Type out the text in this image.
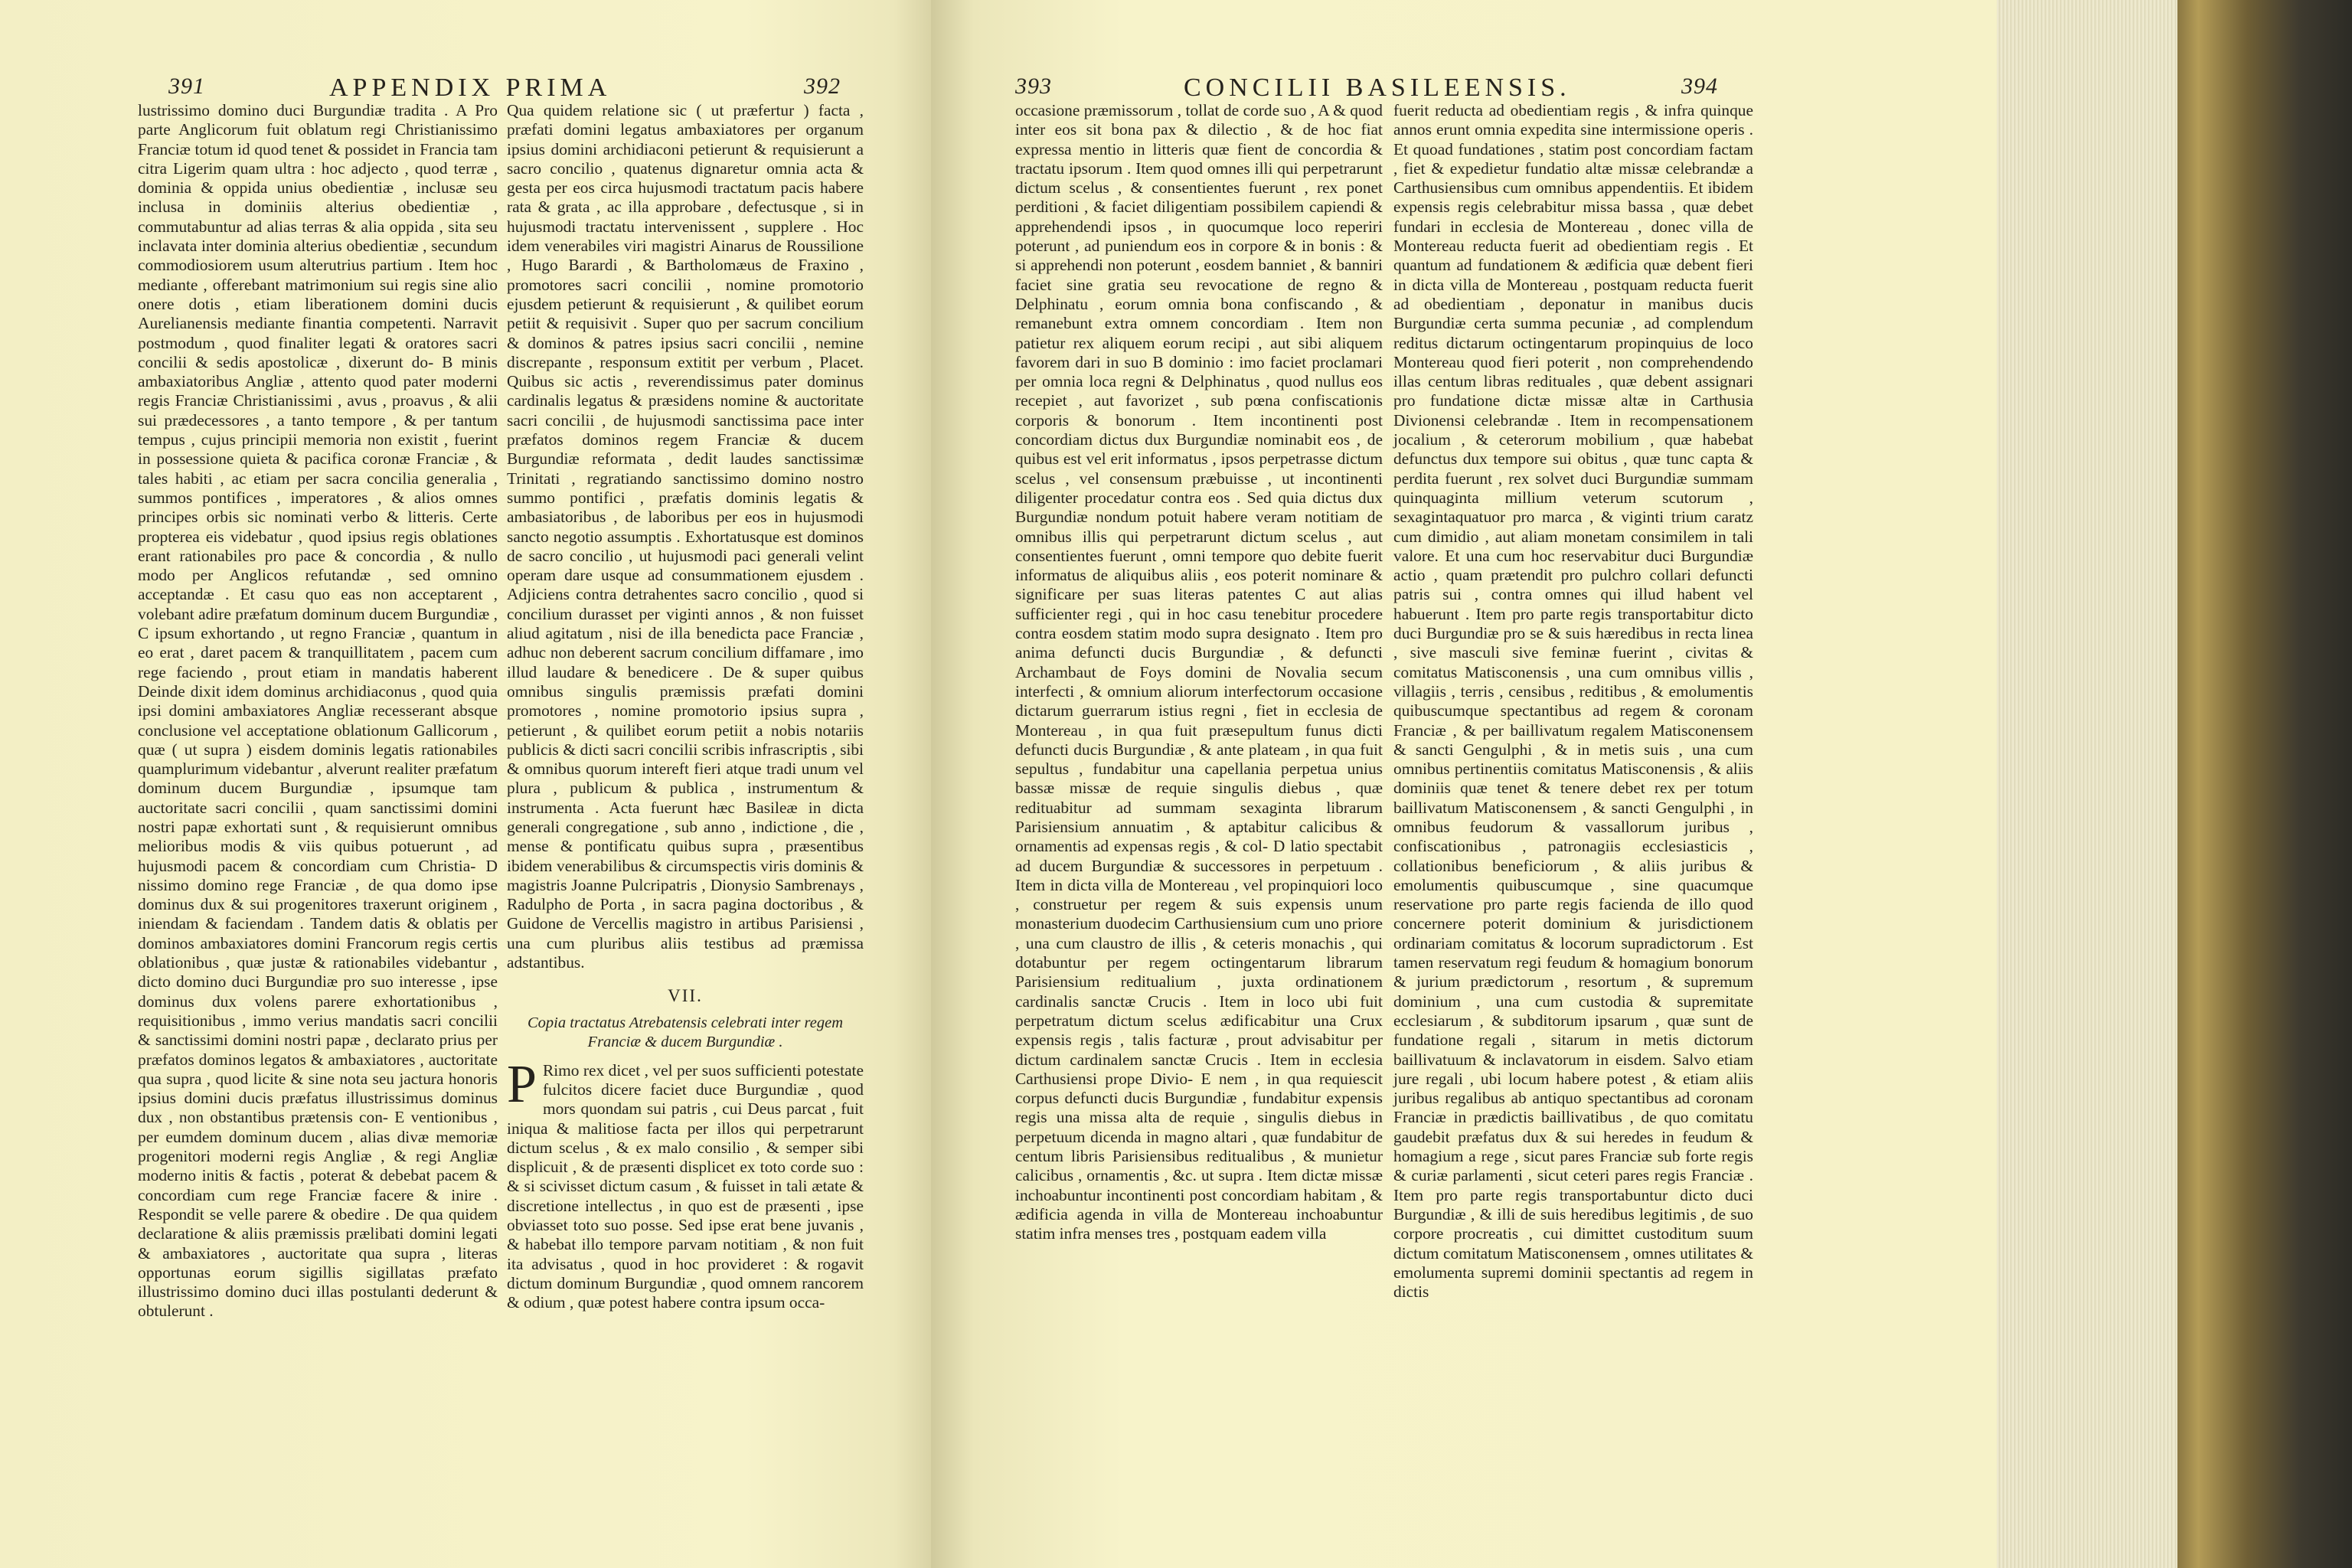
391	APPENDIX PRIMA	392

lustrissimo domino duci Burgundiæ tradita . A Pro parte Anglicorum fuit oblatum regi Christianissimo Franciæ totum id quod tenet & possidet in Francia tam citra Ligerim quam ultra : hoc adjecto , quod terræ , dominia & oppida unius obedientiæ , inclusæ seu inclusa in dominiis alterius obedientiæ , commutabuntur ad alias terras & alia oppida , sita seu inclavata inter dominia alterius obedientiæ , secundum commodiosiorem usum alterutrius partium . Item hoc mediante , offerebant matrimonium sui regis sine alio onere dotis , etiam liberationem domini ducis Aurelianensis mediante finantia competenti. Narravit postmodum , quod finaliter legati & oratores sacri concilii & sedis apostolicæ , dixerunt do- B minis ambaxiatoribus Angliæ , attento quod pater moderni regis Franciæ Christianissimi , avus , proavus , & alii sui prædecessores , a tanto tempore , & per tantum tempus , cujus principii memoria non existit , fuerint in possessione quieta & pacifica coronæ Franciæ , & tales habiti , ac etiam per sacra concilia generalia , summos pontifices , imperatores , & alios omnes principes orbis sic nominati verbo & litteris. Certe propterea eis videbatur , quod ipsius regis oblationes erant rationabiles pro pace & concordia , & nullo modo per Anglicos refutandæ , sed omnino acceptandæ . Et casu quo eas non acceptarent , volebant adire præfatum dominum ducem Burgundiæ , C ipsum exhortando , ut regno Franciæ , quantum in eo erat , daret pacem & tranquillitatem , pacem cum rege faciendo , prout etiam in mandatis haberent Deinde dixit idem dominus archidiaconus , quod quia ipsi domini ambaxiatores Angliæ recesserant absque conclusione vel acceptatione oblationum Gallicorum , quæ ( ut supra ) eisdem dominis legatis rationabiles quamplurimum videbantur , alverunt realiter præfatum dominum ducem Burgundiæ , ipsumque tam auctoritate sacri concilii , quam sanctissimi domini nostri papæ exhortati sunt , & requisierunt omnibus melioribus modis & viis quibus potuerunt , ad hujusmodi pacem & concordiam cum Christia- D nissimo domino rege Franciæ , de qua domo ipse dominus dux & sui progenitores traxerunt originem , iniendam & faciendam . Tandem datis & oblatis per dominos ambaxiatores domini Francorum regis certis oblationibus , quæ justæ & rationabiles videbantur , dicto domino duci Burgundiæ pro suo interesse , ipse dominus dux volens parere exhortationibus , requisitionibus , immo verius mandatis sacri concilii & sanctissimi domini nostri papæ , declarato prius per præfatos dominos legatos & ambaxiatores , auctoritate qua supra , quod licite & sine nota seu jactura honoris ipsius domini ducis præfatus illustrissimus dominus dux , non obstantibus prætensis con- E ventionibus , per eumdem dominum ducem , alias divæ memoriæ progenitori moderni regis Angliæ , & regi Angliæ moderno initis & factis , poterat & debebat pacem & concordiam cum rege Franciæ facere & inire . Respondit se velle parere & obedire . De qua quidem declaratione & aliis præmissis prælibati domini legati & ambaxiatores , auctoritate qua supra , literas opportunas eorum sigillis sigillatas præfato illustrissimo domino duci illas postulanti dederunt & obtulerunt .

Qua quidem relatione sic ( ut præfertur ) facta , præfati domini legatus ambaxiatores per organum ipsius domini archidiaconi petierunt & requisierunt a sacro concilio , quatenus dignaretur omnia acta & gesta per eos circa hujusmodi tractatum pacis habere rata & grata , ac illa approbare , defectusque , si in hujusmodi tractatu intervenissent , supplere . Hoc idem venerabiles viri magistri Ainarus de Roussilione , Hugo Barardi , & Bartholomæus de Fraxino , promotores sacri concilii , nomine promotorio ejusdem petierunt & requisierunt , & quilibet eorum petiit & requisivit . Super quo per sacrum concilium & dominos & patres ipsius sacri concilii , nemine discrepante , responsum extitit per verbum , Placet. Quibus sic actis , reverendissimus pater dominus cardinalis legatus & præsidens nomine & auctoritate sacri concilii , de hujusmodi sanctissima pace inter præfatos dominos regem Franciæ & ducem Burgundiæ reformata , dedit laudes sanctissimæ Trinitati , regratiando sanctissimo domino nostro summo pontifici , præfatis dominis legatis & ambasiatoribus , de laboribus per eos in hujusmodi sancto negotio assumptis . Exhortatusque est dominos de sacro concilio , ut hujusmodi paci generali velint operam dare usque ad consummationem ejusdem . Adjiciens contra detrahentes sacro concilio , quod si concilium durasset per viginti annos , & non fuisset aliud agitatum , nisi de illa benedicta pace Franciæ , adhuc non deberent sacrum concilium diffamare , imo illud laudare & benedicere . De & super quibus omnibus singulis præmissis præfati domini promotores , nomine promotorio ipsius supra , petierunt , & quilibet eorum petiit a nobis notariis publicis & dicti sacri concilii scribis infrascriptis , sibi & omnibus quorum intereft fieri atque tradi unum vel plura , publicum & publica , instrumentum & instrumenta . Acta fuerunt hæc Basileæ in dicta generali congregatione , sub anno , indictione , die , mense & pontificatu quibus supra , præsentibus ibidem venerabilibus & circumspectis viris dominis & magistris Joanne Pulcripatris , Dionysio Sambrenays , Radulpho de Porta , in sacra pagina doctoribus , & Guidone de Vercellis magistro in artibus Parisiensi , una cum pluribus aliis testibus ad præmissa adstantibus.

VII.
Copia tractatus Atrebatensis celebrati inter regem Franciæ & ducem Burgundiæ .

P Rimo rex dicet , vel per suos sufficienti potestate fulcitos dicere faciet duce Burgundiæ , quod mors quondam sui patris , cui Deus parcat , fuit iniqua & malitiose facta per illos qui perpetrarunt dictum scelus , & ex malo consilio , & semper sibi displicuit , & de præsenti displicet ex toto corde suo : & si scivisset dictum casum , & fuisset in tali ætate & discretione intellectus , in quo est de præsenti , ipse obviasset toto suo posse. Sed ipse erat bene juvanis , & habebat illo tempore parvam notitiam , & non fuit ita advisatus , quod in hoc provideret : & rogavit dictum dominum Burgundiæ , quod omnem rancorem & odium , quæ potest habere contra ipsum occa-

393	CONCILII BASILEENSIS.	394

occasione præmissorum , tollat de corde suo , A & quod inter eos sit bona pax & dilectio , & de hoc fiat expressa mentio in litteris quæ fient de concordia & tractatu ipsorum . Item quod omnes illi qui perpetrarunt dictum scelus , & consentientes fuerunt , rex ponet perditioni , & faciet diligentiam possibilem capiendi & apprehendendi ipsos , in quocumque loco reperiri poterunt , ad puniendum eos in corpore & in bonis : & si apprehendi non poterunt , eosdem banniet , & banniri faciet sine gratia seu revocatione de regno & Delphinatu , eorum omnia bona confiscando , & remanebunt extra omnem concordiam . Item non patietur rex aliquem eorum recipi , aut sibi aliquem favorem dari in suo B dominio : imo faciet proclamari per omnia loca regni & Delphinatus , quod nullus eos recepiet , aut favorizet , sub pœna confiscationis corporis & bonorum . Item incontinenti post concordiam dictus dux Burgundiæ nominabit eos , de quibus est vel erit informatus , ipsos perpetrasse dictum scelus , vel consensum præbuisse , ut incontinenti diligenter procedatur contra eos . Sed quia dictus dux Burgundiæ nondum potuit habere veram notitiam de omnibus illis qui perpetrarunt dictum scelus , aut consentientes fuerunt , omni tempore quo debite fuerit informatus de aliquibus aliis , eos poterit nominare & significare per suas literas patentes C aut alias sufficienter regi , qui in hoc casu tenebitur procedere contra eosdem statim modo supra designato . Item pro anima defuncti ducis Burgundiæ , & defuncti Archambaut de Foys domini de Novalia secum interfecti , & omnium aliorum interfectorum occasione dictarum guerrarum istius regni , fiet in ecclesia de Montereau , in qua fuit præsepultum funus dicti defuncti ducis Burgundiæ , & ante plateam , in qua fuit sepultus , fundabitur una capellania perpetua unius bassæ missæ de requie singulis diebus , quæ redituabitur ad summam sexaginta librarum Parisiensium annuatim , & aptabitur calicibus & ornamentis ad expensas regis , & col- D latio spectabit ad ducem Burgundiæ & successores in perpetuum . Item in dicta villa de Montereau , vel propinquiori loco , construetur per regem & suis expensis unum monasterium duodecim Carthusiensium cum uno priore , una cum claustro de illis , & ceteris monachis , qui dotabuntur per regem octingentarum librarum Parisiensium reditualium , juxta ordinationem cardinalis sanctæ Crucis . Item in loco ubi fuit perpetratum dictum scelus ædificabitur una Crux expensis regis , talis facturæ , prout advisabitur per dictum cardinalem sanctæ Crucis . Item in ecclesia Carthusiensi prope Divio- E nem , in qua requiescit corpus defuncti ducis Burgundiæ , fundabitur expensis regis una missa alta de requie , singulis diebus in perpetuum dicenda in magno altari , quæ fundabitur de centum libris Parisiensibus reditualibus , & munietur calicibus , ornamentis , &c. ut supra . Item dictæ missæ inchoabuntur incontinenti post concordiam habitam , & ædificia agenda in villa de Montereau inchoabuntur statim infra menses tres , postquam eadem villa

fuerit reducta ad obedientiam regis , & infra quinque annos erunt omnia expedita sine intermissione operis . Et quoad fundationes , statim post concordiam factam , fiet & expedietur fundatio altæ missæ celebrandæ a Carthusiensibus cum omnibus appendentiis. Et ibidem expensis regis celebrabitur missa bassa , quæ debet fundari in ecclesia de Montereau , donec villa de Montereau reducta fuerit ad obedientiam regis . Et quantum ad fundationem & ædificia quæ debent fieri in dicta villa de Montereau , postquam reducta fuerit ad obedientiam , deponatur in manibus ducis Burgundiæ certa summa pecuniæ , ad complendum reditus dictarum octingentarum propinquius de loco Montereau quod fieri poterit , non comprehendendo illas centum libras redituales , quæ debent assignari pro fundatione dictæ missæ altæ in Carthusia Divionensi celebrandæ . Item in recompensationem jocalium , & ceterorum mobilium , quæ habebat defunctus dux tempore sui obitus , quæ tunc capta & perdita fuerunt , rex solvet duci Burgundiæ summam quinquaginta millium veterum scutorum , sexagintaquatuor pro marca , & viginti trium caratz cum dimidio , aut aliam monetam consimilem in tali valore. Et una cum hoc reservabitur duci Burgundiæ actio , quam prætendit pro pulchro collari defuncti patris sui , contra omnes qui illud habent vel habuerunt . Item pro parte regis transportabitur dicto duci Burgundiæ pro se & suis hæredibus in recta linea , sive masculi sive feminæ fuerint , civitas & comitatus Matisconensis , una cum omnibus villis , villagiis , terris , censibus , reditibus , & emolumentis quibuscumque spectantibus ad regem & coronam Franciæ , & per baillivatum regalem Matisconensem & sancti Gengulphi , & in metis suis , una cum omnibus pertinentiis comitatus Matisconensis , & aliis dominiis quæ tenet & tenere debet rex per totum baillivatum Matisconensem , & sancti Gengulphi , in omnibus feudorum & vassallorum juribus , confiscationibus , patronagiis ecclesiasticis , collationibus beneficiorum , & aliis juribus & emolumentis quibuscumque , sine quacumque reservatione pro parte regis facienda de illo quod concernere poterit dominium & jurisdictionem ordinariam comitatus & locorum supradictorum . Est tamen reservatum regi feudum & homagium bonorum & jurium prædictorum , resortum , & supremum dominium , una cum custodia & supremitate ecclesiarum , & subditorum ipsarum , quæ sunt de fundatione regali , sitarum in metis dictorum baillivatuum & inclavatorum in eisdem. Salvo etiam jure regali , ubi locum habere potest , & etiam aliis juribus regalibus ab antiquo spectantibus ad coronam Franciæ in prædictis baillivatibus , de quo comitatu gaudebit præfatus dux & sui heredes in feudum & homagium a rege , sicut pares Franciæ sub forte regis & curiæ parlamenti , sicut ceteri pares regis Franciæ . Item pro parte regis transportabuntur dicto duci Burgundiæ , & illi de suis heredibus legitimis , de suo corpore procreatis , cui dimittet custoditum suum dictum comitatum Matisconensem , omnes utilitates & emolumenta supremi dominii spectantis ad regem in dictis
